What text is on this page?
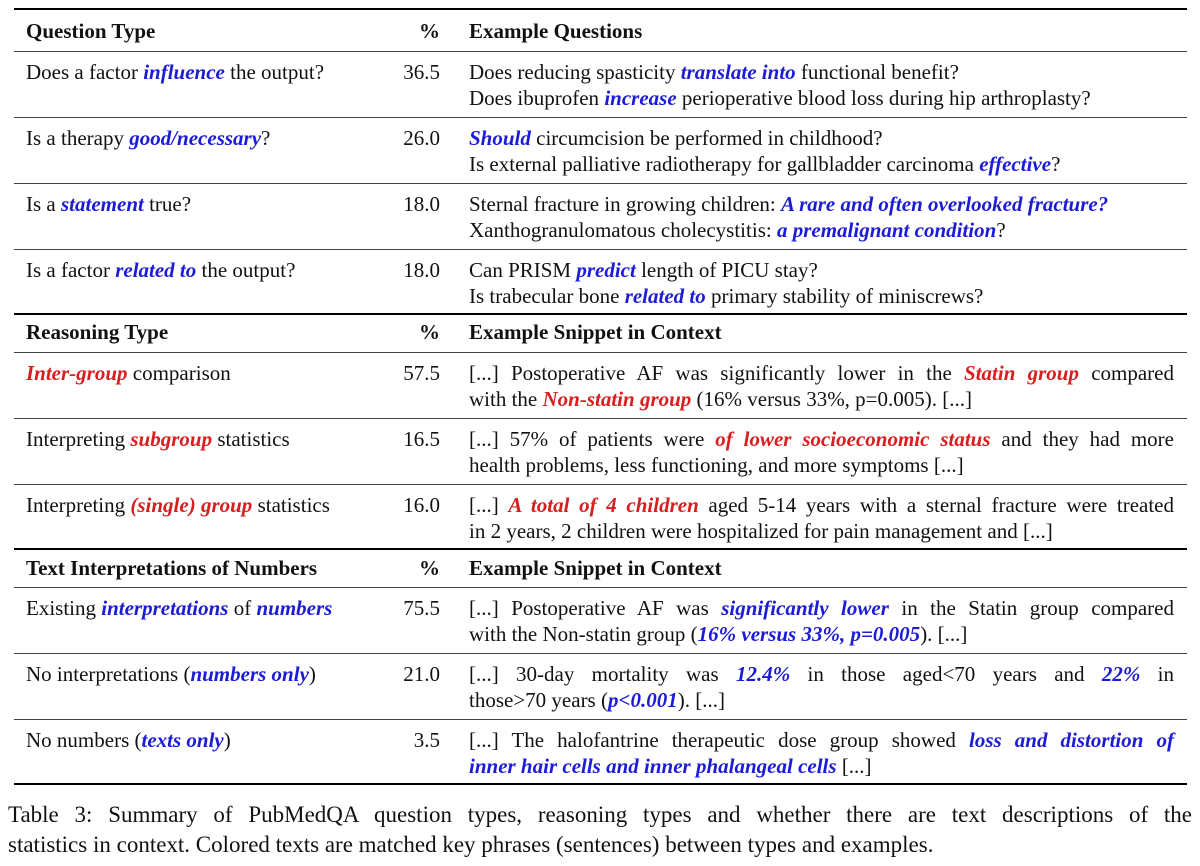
Question Type	% Example Questions
Does a factor influence the output?	36.5 Does reducing spasticity translate into functional benefit?
Does ibuprofen increase perioperative blood loss during hip arthroplasty?
Is a therapy good/necessary?	26.0 Should circumcision be performed in childhood?
Is external palliative radiotherapy for gallbladder carcinoma effective?
Is a statement true?	18.0 Sternal fracture in growing children: A rare and often overlooked fracture?
Xanthogranulomatous cholecystitis: a premalignant condition?
Is a factor related to the output?	18.0 Can PRISM predict length of PICU stay?
Is trabecular bone related to primary stability of miniscrews?
Reasoning Type	% Example Snippet in Context
Inter-group comparison	57.5 [...] Postoperative AF was significantly lower in the Statin group compared
with the Non-statin group (16% versus 33%, p=0.005). [...]
Interpreting subgroup statistics	16.5 [...] 57% of patients were of lower socioeconomic status and they had more
health problems, less functioning, and more symptoms [...]
Interpreting (single) group statistics	16.0 [...] A total of 4 children aged 5-14 years with a sternal fracture were treated
in 2 years, 2 children were hospitalized for pain management and [...]
Text Interpretations of Numbers	% Example Snippet in Context
Existing interpretations of numbers	75.5 [...] Postoperative AF was significantly lower in the Statin group compared
with the Non-statin group (16% versus 33%, p=0.005). [...]
No interpretations (numbers only)	21.0 [...] 30-day mortality was 12.4% in those aged<70 years and 22% in
those>70 years (p<0.001). [...]
No numbers (texts only)	3.5 [...] The halofantrine therapeutic dose group showed loss and distortion of
inner hair cells and inner phalangeal cells [...]
Table 3: Summary of PubMedQA question types, reasoning types and whether there are text descriptions of the
statistics in context. Colored texts are matched key phrases (sentences) between types and examples.
